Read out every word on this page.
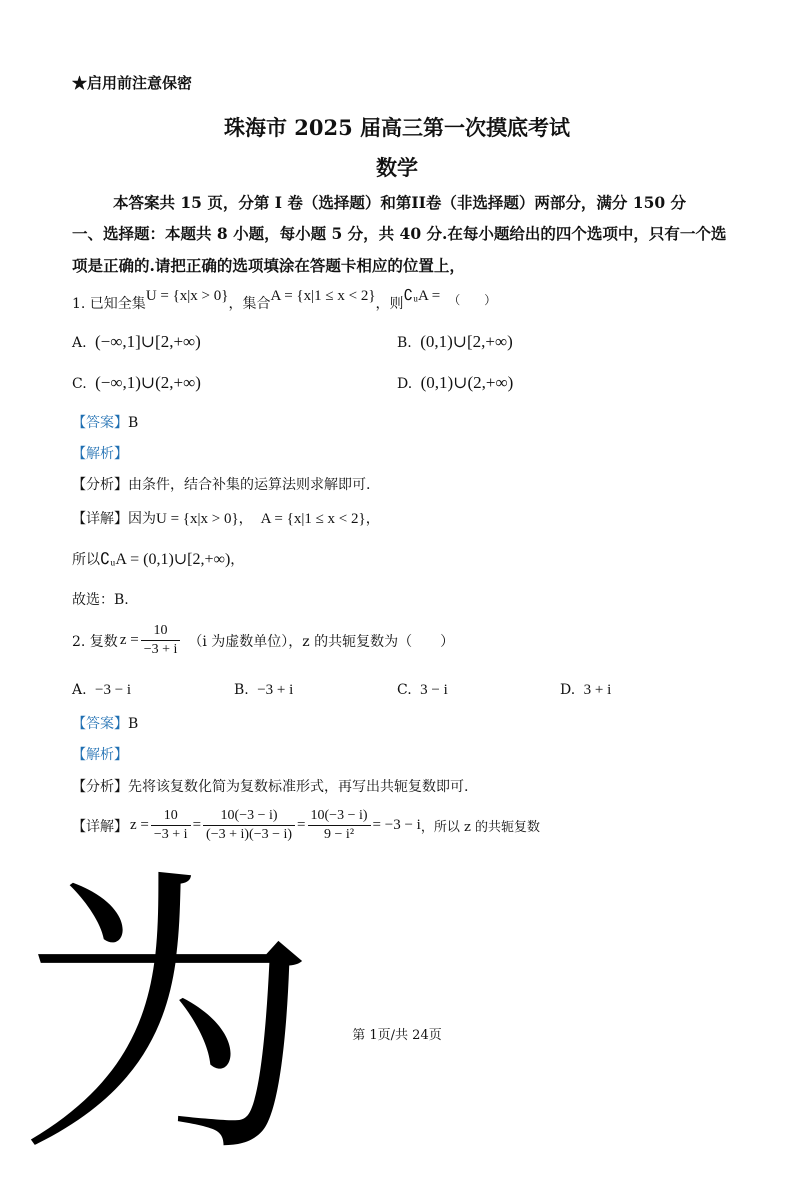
★启用前注意保密
珠海市 2025 届高三第一次摸底考试
数学
本答案共 15 页，分第 I 卷（选择题）和第II卷（非选择题）两部分，满分 150 分
一、选择题：本题共 8 小题，每小题 5 分，共 40 分.在每小题给出的四个选项中，只有一个选
项是正确的.请把正确的选项填涂在答题卡相应的位置上，
1. 已知全集U = {x|x > 0}，集合A = {x|1 ≤ x < 2}，则∁ᵤA = （　　）
A. (−∞,1]∪[2,+∞)	B. (0,1)∪[2,+∞)
C. (−∞,1)∪(2,+∞)	D. (0,1)∪(2,+∞)
【答案】B
【解析】
【分析】由条件，结合补集的运算法则求解即可.
【详解】因为U = {x|x > 0}， A = {x|1 ≤ x < 2}，
所以∁ᵤA = (0,1)∪[2,+∞)，
故选：B.
2. 复数 $z = \frac{10}{-3 + i} (i$ 为虚数单位），z 的共轭复数为（　　）
A. −3 − i	B. −3 + i	C. 3 − i	D. 3 + i
【答案】B
【解析】
【分析】先将该复数化简为复数标准形式，再写出共轭复数即可.
【详解】 $z = \frac{10}{-3 + i} = \frac{10(-3 - i)}{(-3 + i)(-3 - i)} = \frac{10(-3 - i)}{\text{9 − i²}} = -3 - i$ ，所以 z 的共轭复数
为	第 1页/共 24页
